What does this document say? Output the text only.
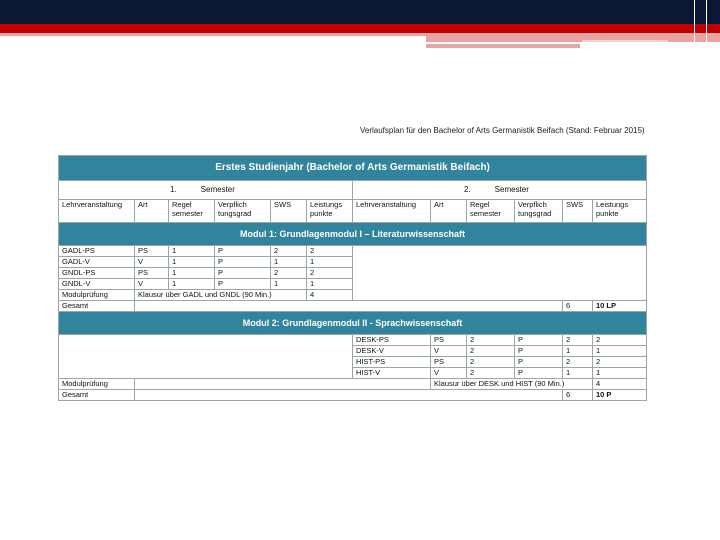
Verlaufsplan für den Bachelor of Arts Germanistik Beifach (Stand: Februar 2015)
Erstes Studienjahr (Bachelor of Arts Germanistik Beifach)											
1. Semester						2. Semester					
Lehrveranstaltung	Art	Regel semester	Verpflich tungsgrad	SWS	Leistungs punkte	Lehrveranstaltung	Art	Regel semester	Verpflich tungsgrad	SWS	Leistungs punkte
Modul 1: Grundlagenmodul I – Literaturwissenschaft											
GADL-PS	PS	1	P	2	2						
GADL-V	V	1	P	1	1						
GNDL-PS	PS	1	P	2	2						
GNDL-V	V	1	P	1	1						
Modulprüfung	Klausur über GADL und GNDL (90 Min.)				4						
Gesamt										6	10 LP
Modul 2: Grundlagenmodul II - Sprachwissenschaft											
						DESK-PS	PS	2	P	2	2
						DESK-V	V	2	P	1	1
						HIST-PS	PS	2	P	2	2
						HIST-V	V	2	P	1	1
Modulprüfung							Klausur über DESK und HIST (90 Min.)				4
Gesamt										6	10 P
